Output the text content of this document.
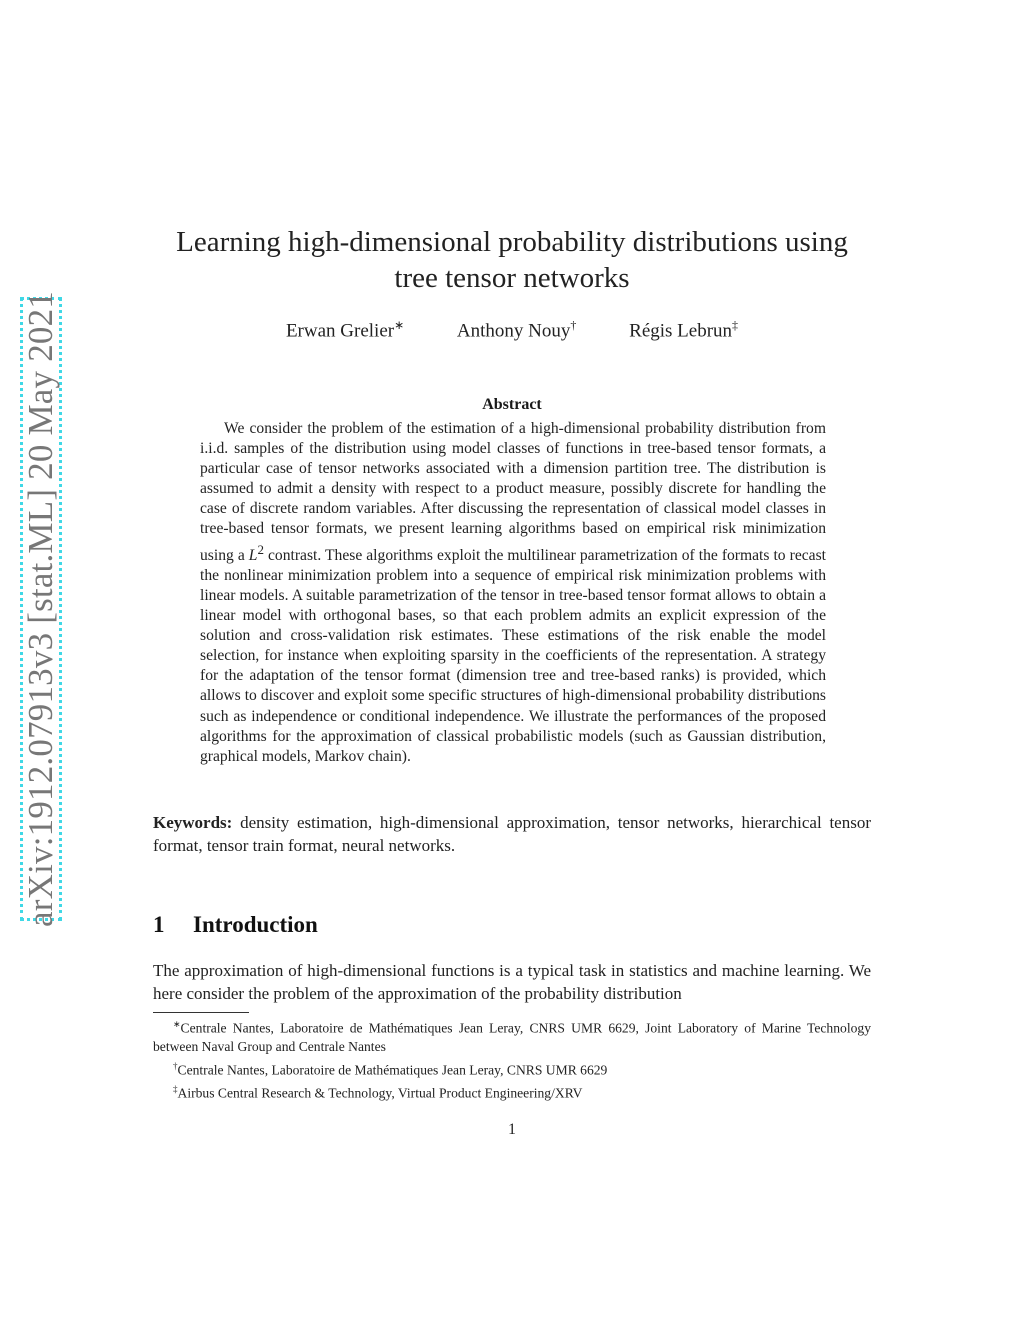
arXiv:1912.07913v3 [stat.ML] 20 May 2021
Learning high-dimensional probability distributions using
tree tensor networks
Erwan Grelier∗	Anthony Nouy†	Régis Lebrun‡
Abstract
We consider the problem of the estimation of a high-dimensional probability distribution from i.i.d. samples of the distribution using model classes of functions in tree-based tensor formats, a particular case of tensor networks associated with a dimension partition tree. The distribution is assumed to admit a density with respect to a product measure, possibly discrete for handling the case of discrete random variables. After discussing the representation of classical model classes in tree-based tensor formats, we present learning algorithms based on empirical risk minimization using a $L^2$ contrast. These algorithms exploit the multilinear parametrization of the formats to recast the nonlinear minimization problem into a sequence of empirical risk minimization problems with linear models. A suitable parametrization of the tensor in tree-based tensor format allows to obtain a linear model with orthogonal bases, so that each problem admits an explicit expression of the solution and cross-validation risk estimates. These estimations of the risk enable the model selection, for instance when exploiting sparsity in the coefficients of the representation. A strategy for the adaptation of the tensor format (dimension tree and tree-based ranks) is provided, which allows to discover and exploit some specific structures of high-dimensional probability distributions such as independence or conditional independence. We illustrate the performances of the proposed algorithms for the approximation of classical probabilistic models (such as Gaussian distribution, graphical models, Markov chain).
Keywords: density estimation, high-dimensional approximation, tensor networks, hierarchical tensor format, tensor train format, neural networks.
1 Introduction
The approximation of high-dimensional functions is a typical task in statistics and machine learning. We here consider the problem of the approximation of the probability distribution
∗Centrale Nantes, Laboratoire de Mathématiques Jean Leray, CNRS UMR 6629, Joint Laboratory of Marine Technology between Naval Group and Centrale Nantes
†Centrale Nantes, Laboratoire de Mathématiques Jean Leray, CNRS UMR 6629
‡Airbus Central Research & Technology, Virtual Product Engineering/XRV
1
